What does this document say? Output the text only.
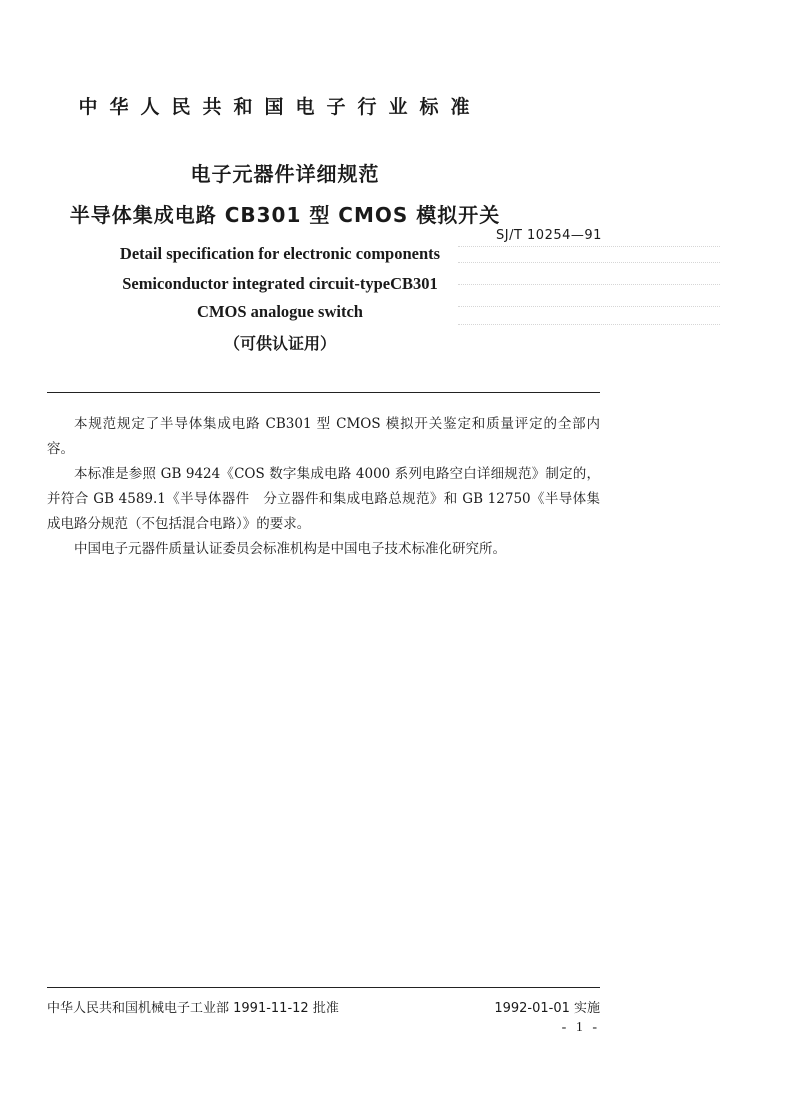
中华人民共和国电子行业标准
电子元器件详细规范
半导体集成电路 CB301 型 CMOS 模拟开关
SJ/T 10254—91
Detail specification for electronic components
Semiconductor integrated circuit-typeCB301
CMOS analogue switch
（可供认证用）

本规范规定了半导体集成电路 CB301 型 CMOS 模拟开关鉴定和质量评定的全部内容。

本标准是参照 GB 9424《COS 数字集成电路 4000 系列电路空白详细规范》制定的，并符合 GB 4589.1《半导体器件　分立器件和集成电路总规范》和 GB 12750《半导体集成电路分规范（不包括混合电路）》的要求。

中国电子元器件质量认证委员会标准机构是中国电子技术标准化研究所。

中华人民共和国机械电子工业部 1991-11-12 批准	1992-01-01 实施
- 1 -
